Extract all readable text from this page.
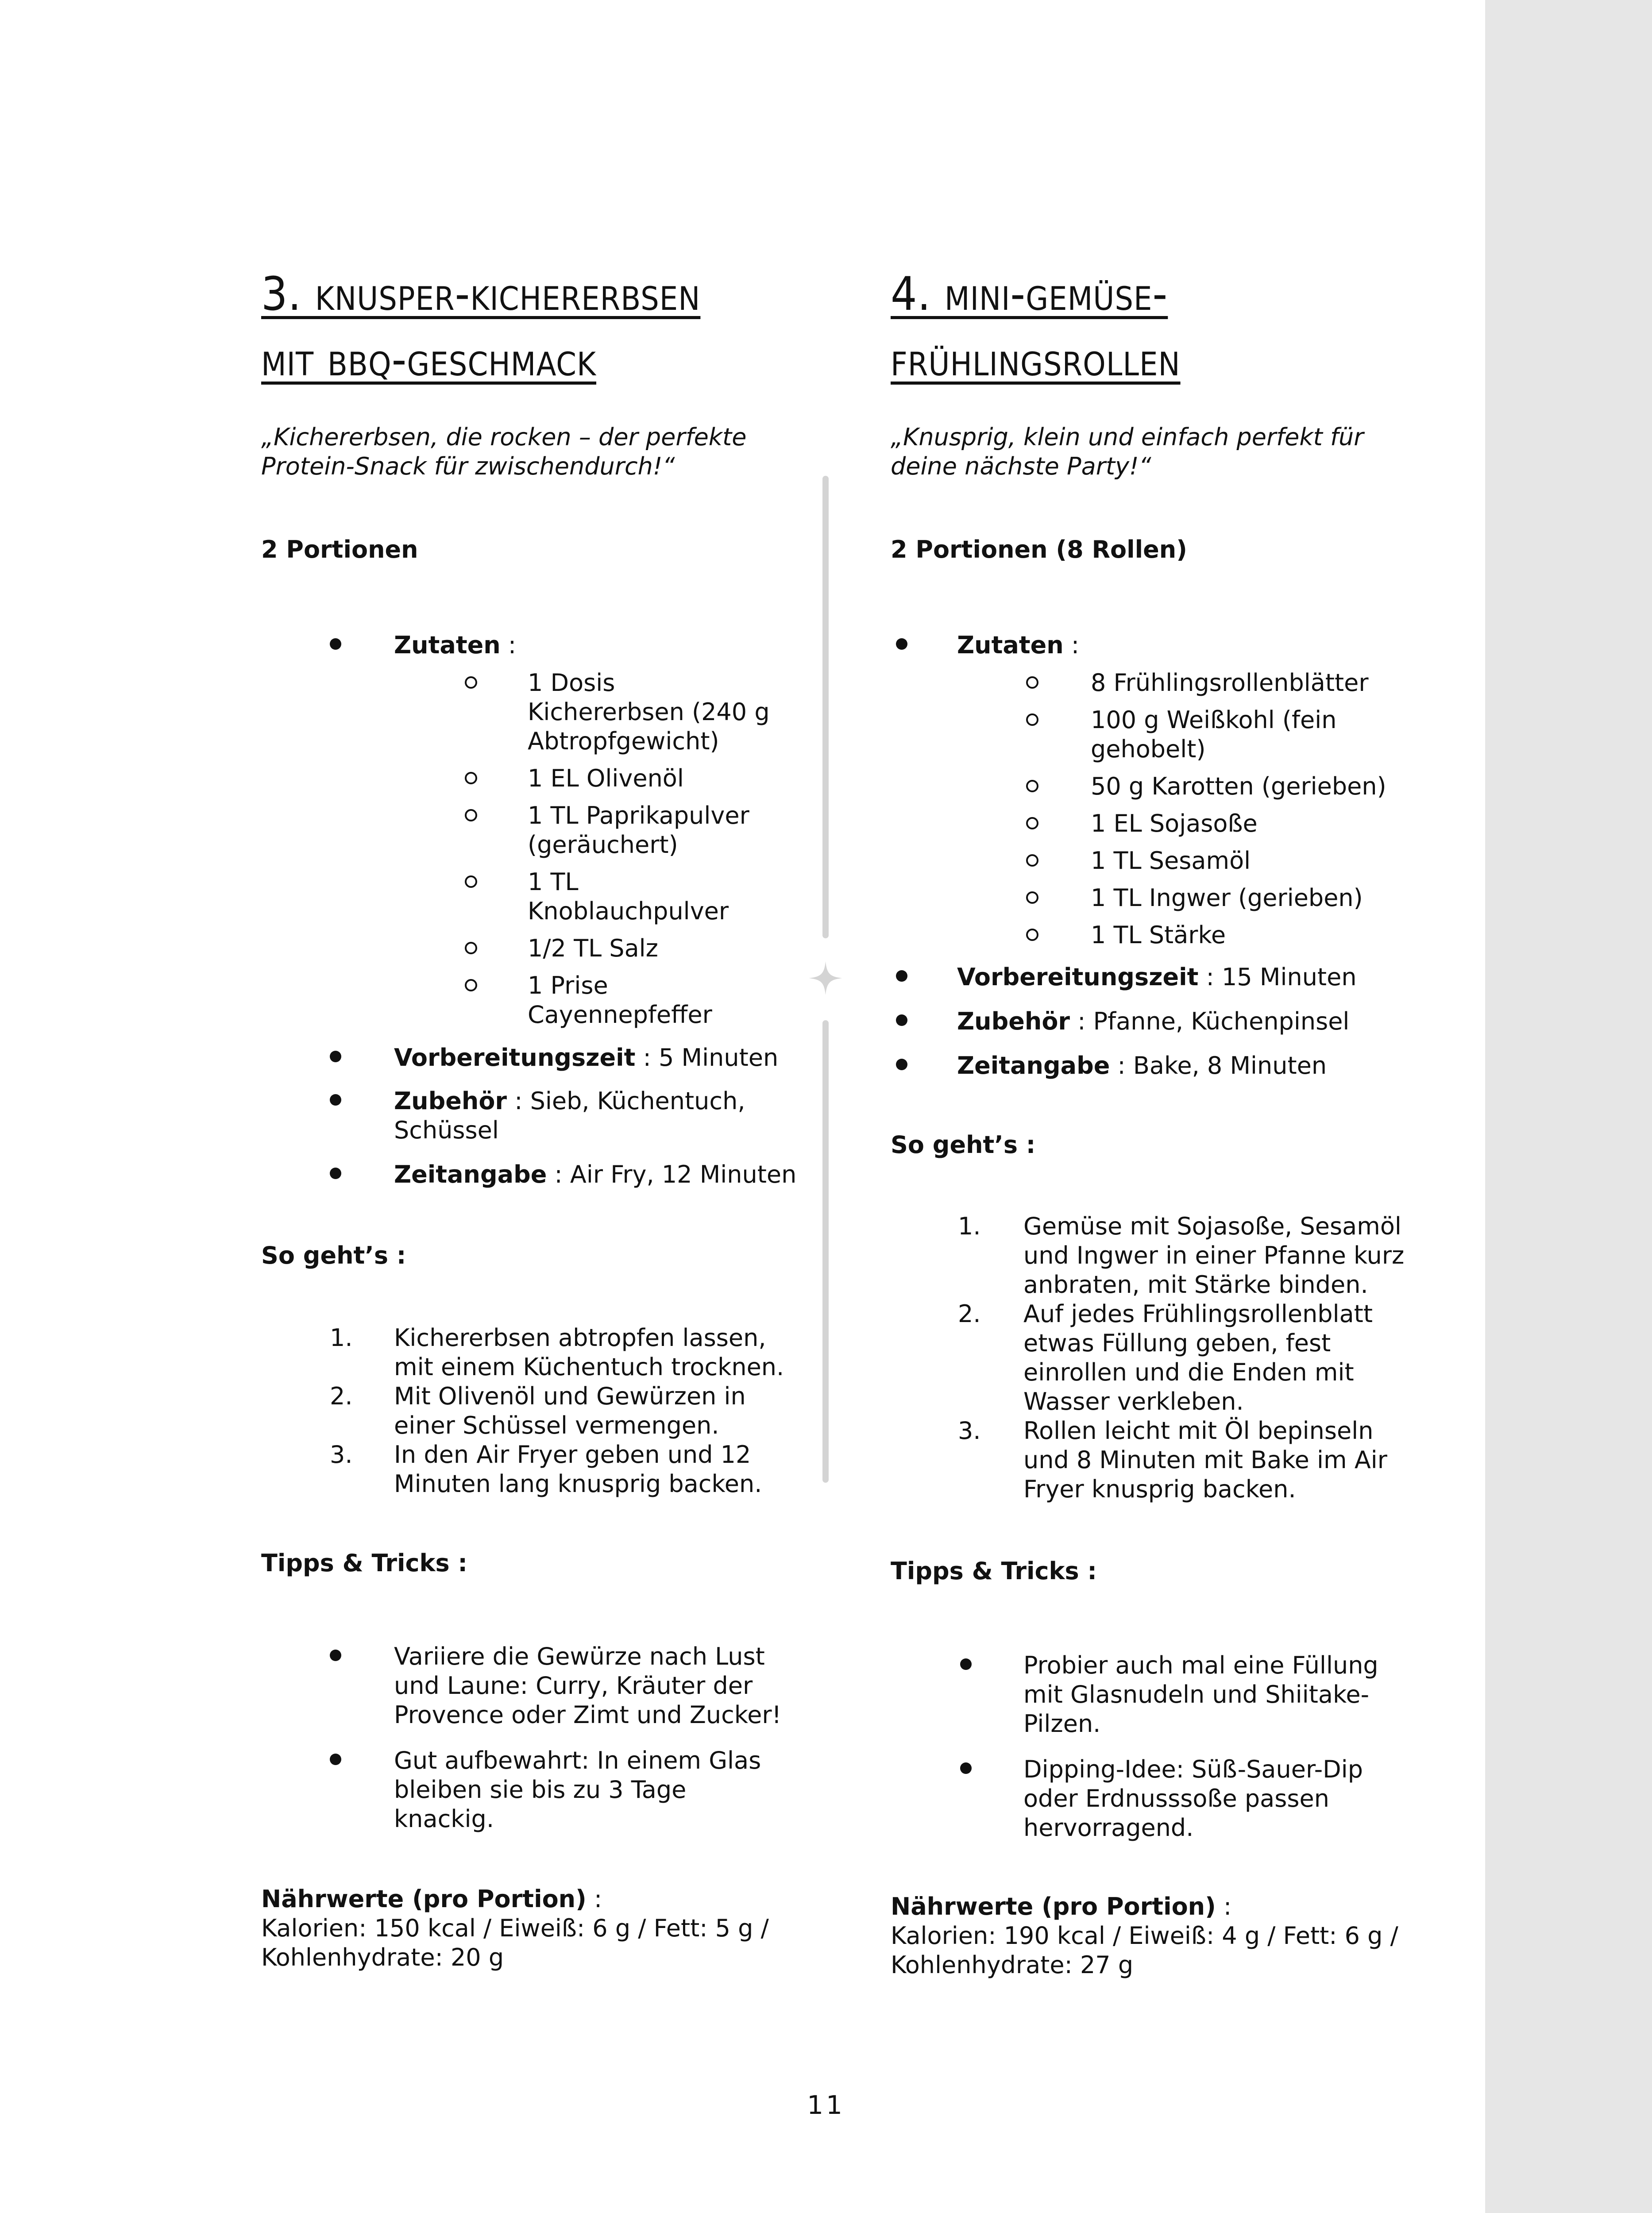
3. knusper-kichererbsen
mit bbq-geschmack

„Kichererbsen, die rocken – der perfekte
Protein-Snack für zwischendurch!“

2 Portionen

Zutaten :
1 Dosis
Kichererbsen (240 g
Abtropfgewicht)
1 EL Olivenöl
1 TL Paprikapulver
(geräuchert)
1 TL
Knoblauchpulver
1/2 TL Salz
1 Prise
Cayennepfeffer
Vorbereitungszeit : 5 Minuten
Zubehör : Sieb, Küchentuch,
Schüssel
Zeitangabe : Air Fry, 12 Minuten

So geht’s :

1. Kichererbsen abtropfen lassen,
mit einem Küchentuch trocknen.
2. Mit Olivenöl und Gewürzen in
einer Schüssel vermengen.
3. In den Air Fryer geben und 12
Minuten lang knusprig backen.

Tipps & Tricks :

Variiere die Gewürze nach Lust
und Laune: Curry, Kräuter der
Provence oder Zimt und Zucker!
Gut aufbewahrt: In einem Glas
bleiben sie bis zu 3 Tage
knackig.

Nährwerte (pro Portion) :
Kalorien: 150 kcal / Eiweiß: 6 g / Fett: 5 g /
Kohlenhydrate: 20 g

4. mini-gemüse-
frühlingsrollen

„Knusprig, klein und einfach perfekt für
deine nächste Party!“

2 Portionen (8 Rollen)

Zutaten :
8 Frühlingsrollenblätter
100 g Weißkohl (fein
gehobelt)
50 g Karotten (gerieben)
1 EL Sojasoße
1 TL Sesamöl
1 TL Ingwer (gerieben)
1 TL Stärke
Vorbereitungszeit : 15 Minuten
Zubehör : Pfanne, Küchenpinsel
Zeitangabe : Bake, 8 Minuten

So geht’s :

1. Gemüse mit Sojasoße, Sesamöl
und Ingwer in einer Pfanne kurz
anbraten, mit Stärke binden.
2. Auf jedes Frühlingsrollenblatt
etwas Füllung geben, fest
einrollen und die Enden mit
Wasser verkleben.
3. Rollen leicht mit Öl bepinseln
und 8 Minuten mit Bake im Air
Fryer knusprig backen.

Tipps & Tricks :

Probier auch mal eine Füllung
mit Glasnudeln und Shiitake-
Pilzen.
Dipping-Idee: Süß-Sauer-Dip
oder Erdnusssoße passen
hervorragend.

Nährwerte (pro Portion) :
Kalorien: 190 kcal / Eiweiß: 4 g / Fett: 6 g /
Kohlenhydrate: 27 g

11
